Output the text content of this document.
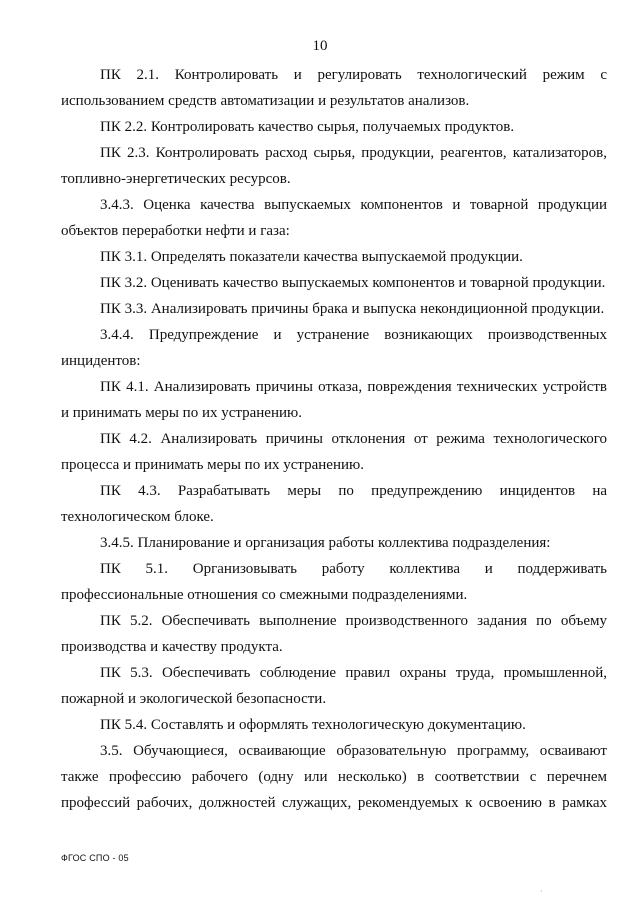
10

ПК 2.1. Контролировать и регулировать технологический режим с использованием средств автоматизации и результатов анализов.

ПК 2.2. Контролировать качество сырья, получаемых продуктов.

ПК 2.3. Контролировать расход сырья, продукции, реагентов, катализаторов, топливно-энергетических ресурсов.

3.4.3. Оценка качества выпускаемых компонентов и товарной продукции объектов переработки нефти и газа:

ПК 3.1. Определять показатели качества выпускаемой продукции.

ПК 3.2. Оценивать качество выпускаемых компонентов и товарной продукции.

ПК 3.3. Анализировать причины брака и выпуска некондиционной продукции.

3.4.4. Предупреждение и устранение возникающих производственных инцидентов:

ПК 4.1. Анализировать причины отказа, повреждения технических устройств и принимать меры по их устранению.

ПК 4.2. Анализировать причины отклонения от режима технологического процесса и принимать меры по их устранению.

ПК 4.3. Разрабатывать меры по предупреждению инцидентов на технологическом блоке.

3.4.5. Планирование и организация работы коллектива подразделения:

ПК 5.1. Организовывать работу коллектива и поддерживать профессиональные отношения со смежными подразделениями.

ПК 5.2. Обеспечивать выполнение производственного задания по объему производства и качеству продукта.

ПК 5.3. Обеспечивать соблюдение правил охраны труда, промышленной, пожарной и экологической безопасности.

ПК 5.4. Составлять и оформлять технологическую документацию.

3.5. Обучающиеся, осваивающие образовательную программу, осваивают также профессию рабочего (одну или несколько) в соответствии с перечнем профессий рабочих, должностей служащих, рекомендуемых к освоению в рамках

ФГОС СПО - 05
·
